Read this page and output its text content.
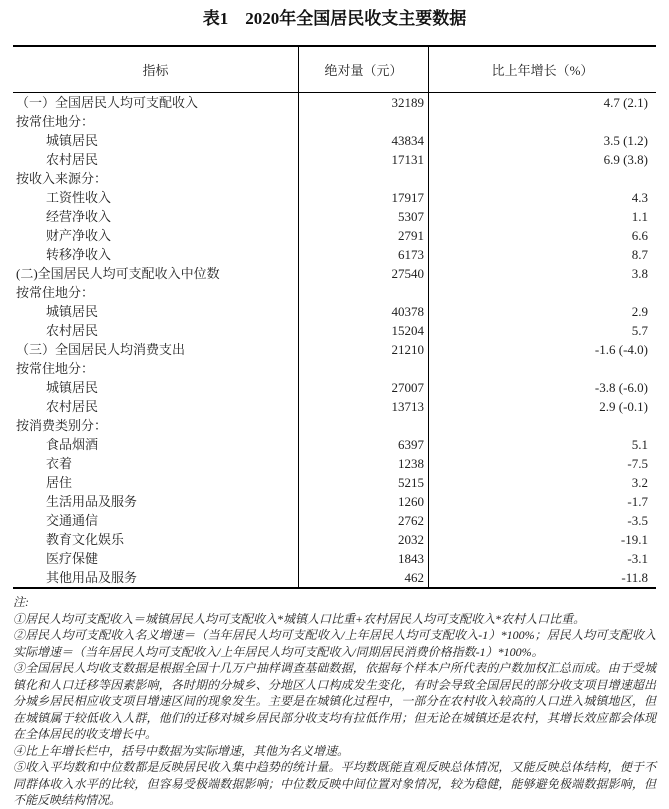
表1　2020年全国居民收支主要数据
指标	绝对量（元）	比上年增长（%）
（一）全国居民人均可支配收入	32189	4.7 (2.1)
按常住地分：
城镇居民	43834	3.5 (1.2)
农村居民	17131	6.9 (3.8)
按收入来源分：
工资性收入	17917	4.3
经营净收入	5307	1.1
财产净收入	2791	6.6
转移净收入	6173	8.7
(二)全国居民人均可支配收入中位数	27540	3.8
按常住地分：
城镇居民	40378	2.9
农村居民	15204	5.7
（三）全国居民人均消费支出	21210	-1.6 (-4.0)
按常住地分：
城镇居民	27007	-3.8 (-6.0)
农村居民	13713	2.9 (-0.1)
按消费类别分：
食品烟酒	6397	5.1
衣着	1238	-7.5
居住	5215	3.2
生活用品及服务	1260	-1.7
交通通信	2762	-3.5
教育文化娱乐	2032	-19.1
医疗保健	1843	-3.1
其他用品及服务	462	-11.8

注:

①居民人均可支配收入＝城镇居民人均可支配收入*城镇人口比重+农村居民人均可支配收入*农村人口比重。

②居民人均可支配收入名义增速＝（当年居民人均可支配收入/上年居民人均可支配收入-1）*100%；居民人均可支配收入实际增速＝（当年居民人均可支配收入/上年居民人均可支配收入/同期居民消费价格指数-1）*100%。

③全国居民人均收支数据是根据全国十几万户抽样调查基础数据，依据每个样本户所代表的户数加权汇总而成。由于受城镇化和人口迁移等因素影响，各时期的分城乡、分地区人口构成发生变化，有时会导致全国居民的部分收支项目增速超出分城乡居民相应收支项目增速区间的现象发生。主要是在城镇化过程中，一部分在农村收入较高的人口进入城镇地区，但在城镇属于较低收入人群，他们的迁移对城乡居民部分收支均有拉低作用；但无论在城镇还是农村，其增长效应都会体现在全体居民的收支增长中。

④比上年增长栏中，括号中数据为实际增速，其他为名义增速。

⑤收入平均数和中位数都是反映居民收入集中趋势的统计量。平均数既能直观反映总体情况，又能反映总体结构，便于不同群体收入水平的比较，但容易受极端数据影响；中位数反映中间位置对象情况，较为稳健，能够避免极端数据影响，但不能反映结构情况。
